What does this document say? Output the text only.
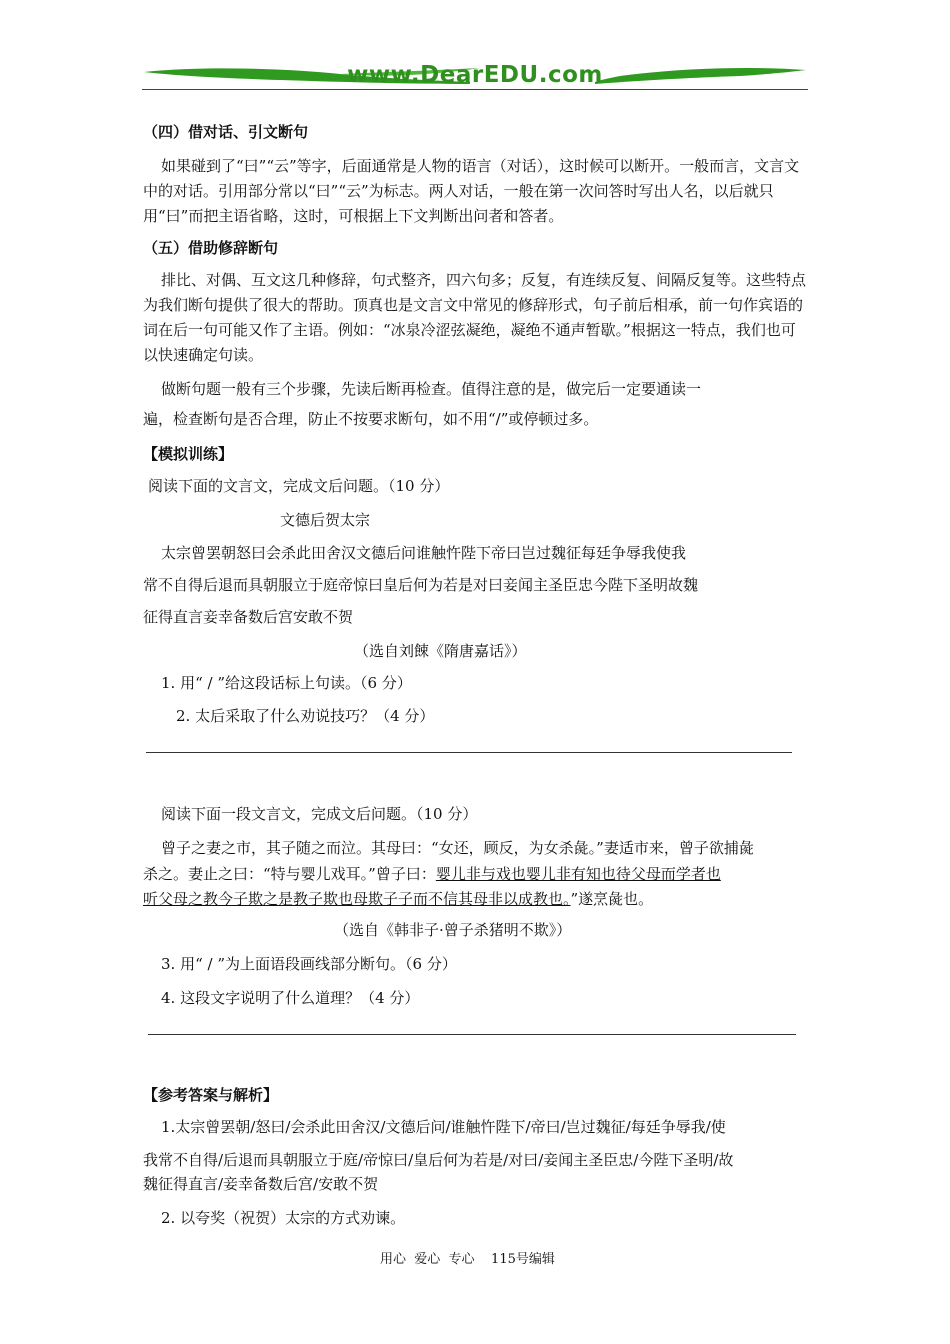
www.DearEDU.com
（四）借对话、引文断句
如果碰到了“曰”“云”等字，后面通常是人物的语言（对话），这时候可以断开。一般而言，文言文中的对话。引用部分常以“曰”“云”为标志。两人对话，一般在第一次问答时写出人名，以后就只用“曰”而把主语省略，这时，可根据上下文判断出问者和答者。
（五）借助修辞断句
排比、对偶、互文这几种修辞，句式整齐，四六句多；反复，有连续反复、间隔反复等。这些特点为我们断句提供了很大的帮助。顶真也是文言文中常见的修辞形式，句子前后相承，前一句作宾语的词在后一句可能又作了主语。例如：“冰泉冷涩弦凝绝，凝绝不通声暂歇。”根据这一特点，我们也可以快速确定句读。
做断句题一般有三个步骤，先读后断再检查。值得注意的是，做完后一定要通读一
遍，检查断句是否合理，防止不按要求断句，如不用“/”或停顿过多。
【模拟训练】
阅读下面的文言文，完成文后问题。（10 分）
文德后贺太宗
太宗曾罢朝怒曰会杀此田舍汉文德后问谁触忤陛下帝曰岂过魏征每廷争辱我使我
常不自得后退而具朝服立于庭帝惊曰皇后何为若是对曰妾闻主圣臣忠今陛下圣明故魏
征得直言妾幸备数后宫安敢不贺
（选自刘餗《隋唐嘉话》）
1. 用“ / ”给这段话标上句读。（6 分）
2. 太后采取了什么劝说技巧？（4 分）
阅读下面一段文言文，完成文后问题。（10 分）
曾子之妻之市，其子随之而泣。其母曰：“女还，顾反，为女杀彘。”妻适市来，曾子欲捕彘
杀之。妻止之曰：“特与婴儿戏耳。”曾子曰：婴儿非与戏也婴儿非有知也待父母而学者也
听父母之教今子欺之是教子欺也母欺子子而不信其母非以成教也。”遂烹彘也。
（选自《韩非子·曾子杀猪明不欺》）
3. 用“ / ”为上面语段画线部分断句。（6 分）
4. 这段文字说明了什么道理？（4 分）
【参考答案与解析】
1.太宗曾罢朝/怒曰/会杀此田舍汉/文德后问/谁触忤陛下/帝曰/岂过魏征/每廷争辱我/使
我常不自得/后退而具朝服立于庭/帝惊曰/皇后何为若是/对曰/妾闻主圣臣忠/今陛下圣明/故
魏征得直言/妾幸备数后宫/安敢不贺
2. 以夸奖（祝贺）太宗的方式劝谏。
用心  爱心  专心    115号编辑
